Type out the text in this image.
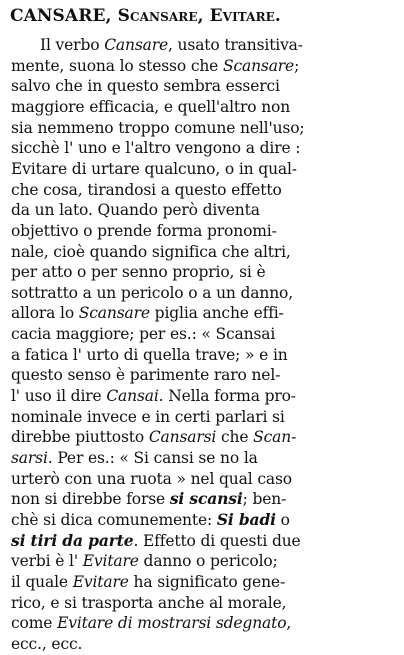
CANSARE, Scansare, Evitare.
Il verbo Cansare, usato transitiva-
mente, suona lo stesso che Scansare;
salvo che in questo sembra esserci
maggiore efficacia, e quell'altro non
sia nemmeno troppo comune nell'uso;
sicchè l' uno e l'altro vengono a dire :
Evitare di urtare qualcuno, o in qual-
che cosa, tirandosi a questo effetto
da un lato. Quando però diventa
objettivo o prende forma pronomi-
nale, cioè quando significa che altri,
per atto o per senno proprio, si è
sottratto a un pericolo o a un danno,
allora lo Scansare piglia anche effi-
cacia maggiore; per es.: « Scansai
a fatica l' urto di quella trave; » e in
questo senso è parimente raro nel-
l' uso il dire Cansai. Nella forma pro-
nominale invece e in certi parlari si
direbbe piuttosto Cansarsi che Scan-
sarsi. Per es.: « Si cansi se no la
urterò con una ruota » nel qual caso
non si direbbe forse si scansi; ben-
chè si dica comunemente: Si badi o
si tiri da parte. Effetto di questi due
verbi è l' Evitare danno o pericolo;
il quale Evitare ha significato gene-
rico, e si trasporta anche al morale,
come Evitare di mostrarsi sdegnato,
ecc., ecc.
